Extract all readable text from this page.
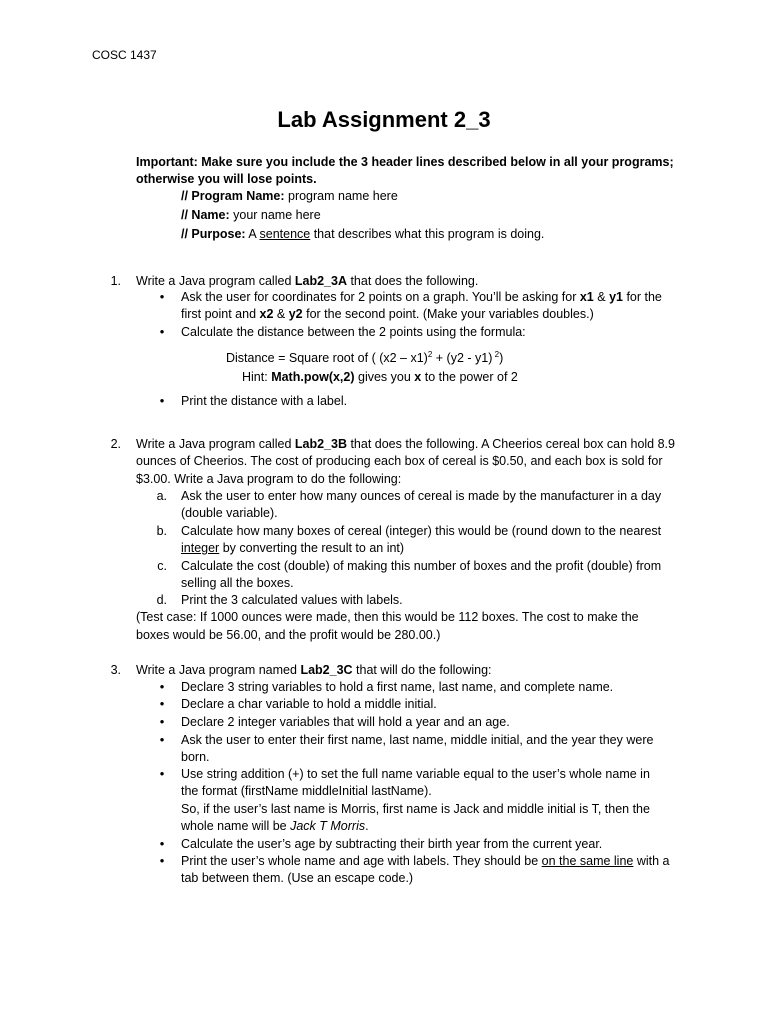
COSC 1437
Lab Assignment 2_3
Important: Make sure you include the 3 header lines described below in all your programs;
otherwise you will lose points.
// Program Name: program name here
// Name: your name here
// Purpose: A sentence that describes what this program is doing.
1. Write a Java program called Lab2_3A that does the following.
• Ask the user for coordinates for 2 points on a graph. You’ll be asking for x1 & y1 for the
first point and x2 & y2 for the second point. (Make your variables doubles.)
• Calculate the distance between the 2 points using the formula:
Distance = Square root of ( (x2 – x1)$^2$ + (y2 - y1) $^2$)
Hint: Math.pow(x,2) gives you x to the power of 2
• Print the distance with a label.
2. Write a Java program called Lab2_3B that does the following. A Cheerios cereal box can hold 8.9
ounces of Cheerios. The cost of producing each box of cereal is $0.50, and each box is sold for
$3.00. Write a Java program to do the following:
a. Ask the user to enter how many ounces of cereal is made by the manufacturer in a day
(double variable).
b. Calculate how many boxes of cereal (integer) this would be (round down to the nearest
integer by converting the result to an int)
c. Calculate the cost (double) of making this number of boxes and the profit (double) from
selling all the boxes.
d. Print the 3 calculated values with labels.
(Test case: If 1000 ounces were made, then this would be 112 boxes. The cost to make the
boxes would be 56.00, and the profit would be 280.00.)
3. Write a Java program named Lab2_3C that will do the following:
• Declare 3 string variables to hold a first name, last name, and complete name.
• Declare a char variable to hold a middle initial.
• Declare 2 integer variables that will hold a year and an age.
• Ask the user to enter their first name, last name, middle initial, and the year they were
born.
• Use string addition (+) to set the full name variable equal to the user’s whole name in
the format (firstName middleInitial lastName).
So, if the user’s last name is Morris, first name is Jack and middle initial is T, then the
whole name will be Jack T Morris.
• Calculate the user’s age by subtracting their birth year from the current year.
• Print the user’s whole name and age with labels. They should be on the same line with a
tab between them. (Use an escape code.)
